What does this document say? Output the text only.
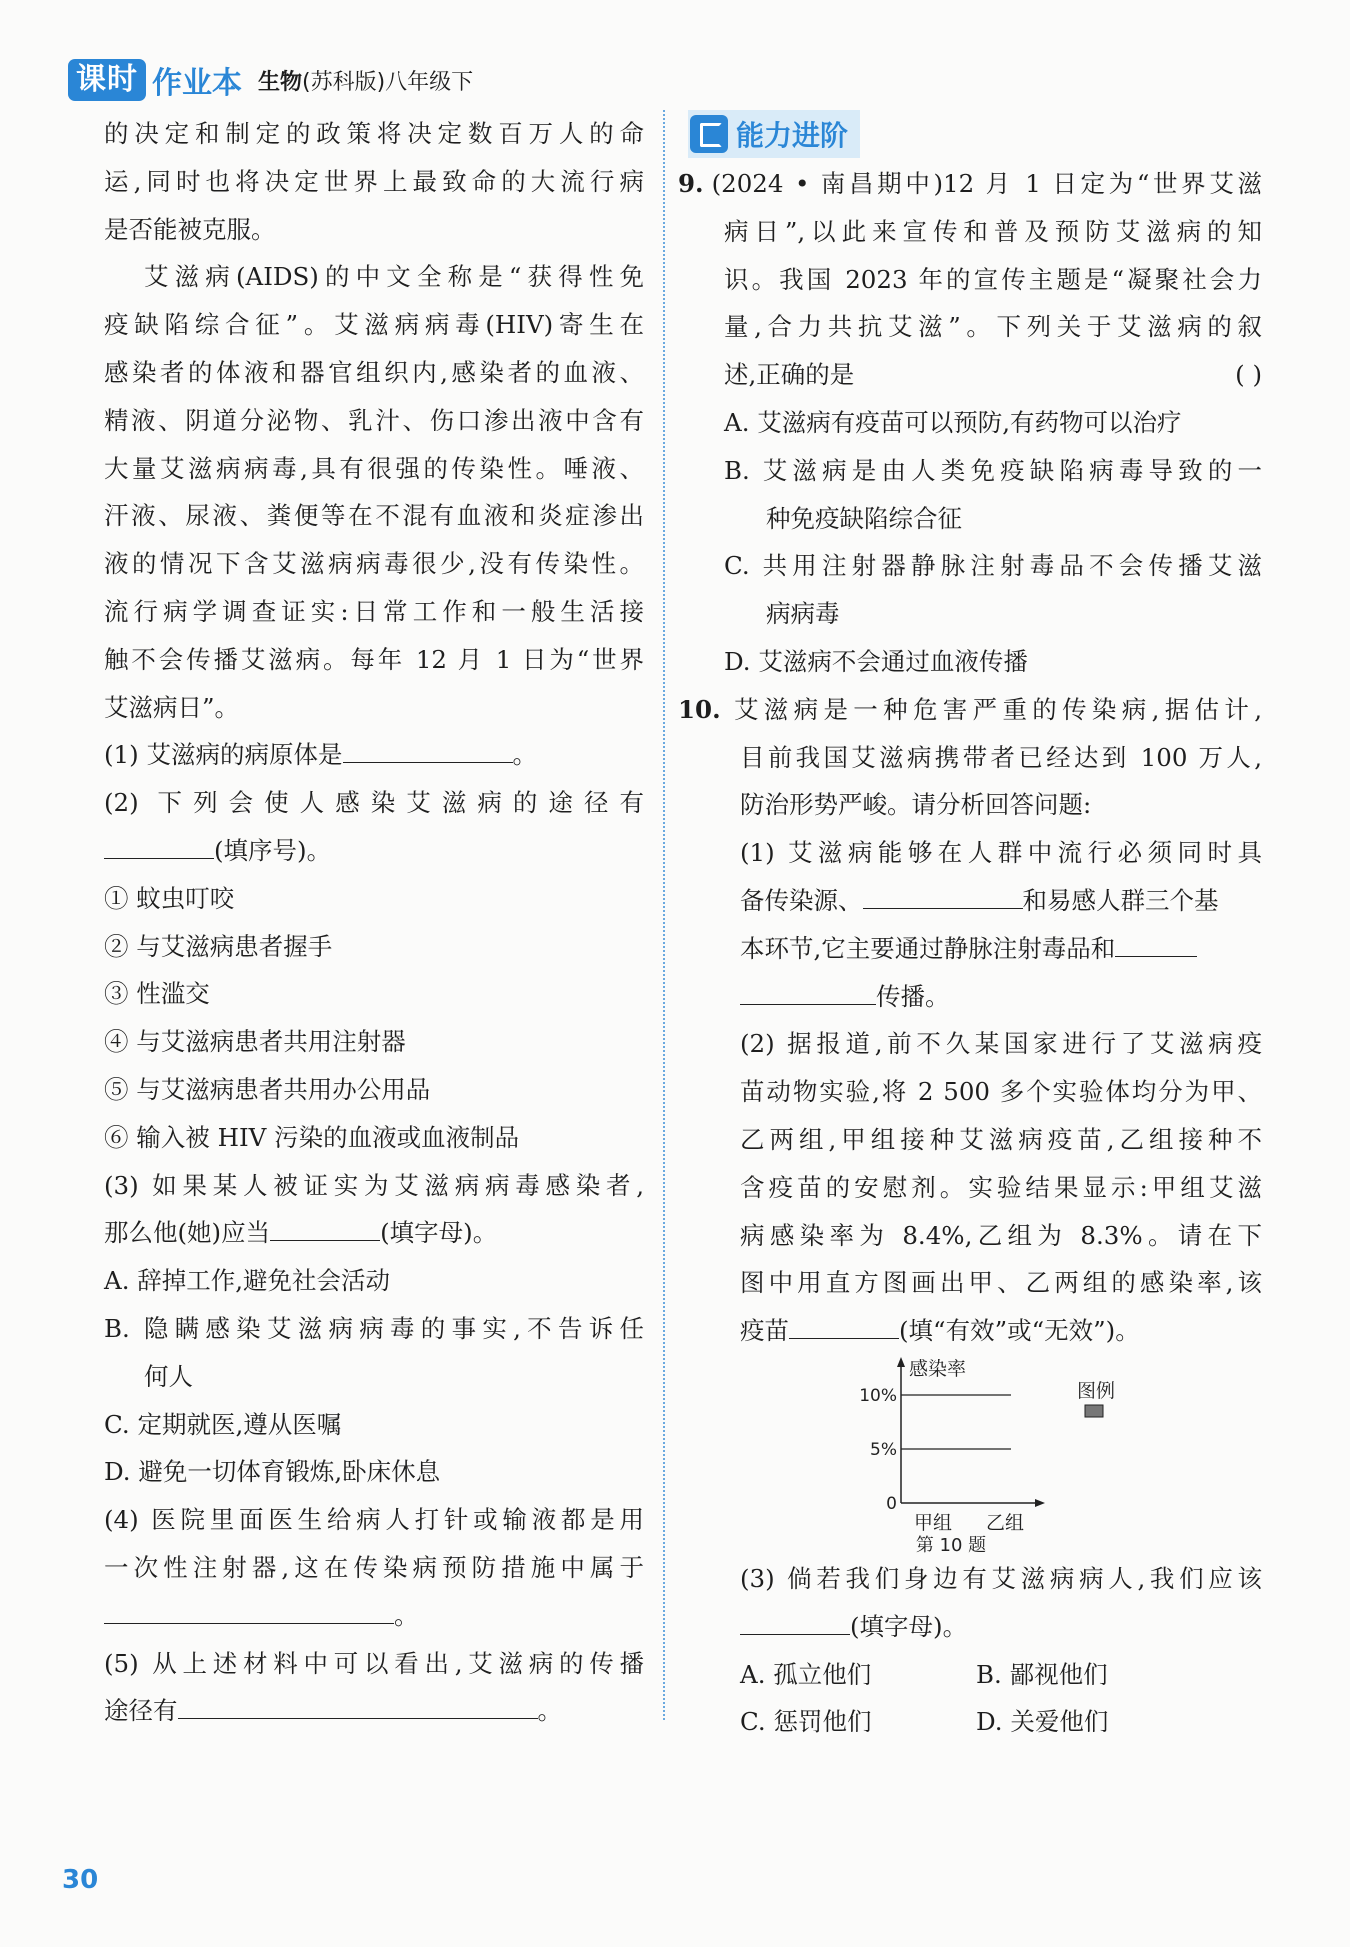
课时 作业本 生物(苏科版)八年级下
的决定和制定的政策将决定数百万人的命
运,同时也将决定世界上最致命的大流行病
是否能被克服。
艾滋病(AIDS)的中文全称是“获得性免
疫缺陷综合征”。艾滋病病毒(HIV)寄生在
感染者的体液和器官组织内,感染者的血液、
精液、阴道分泌物、乳汁、伤口渗出液中含有
大量艾滋病病毒,具有很强的传染性。唾液、
汗液、尿液、粪便等在不混有血液和炎症渗出
液的情况下含艾滋病病毒很少,没有传染性。
流行病学调查证实:日常工作和一般生活接
触不会传播艾滋病。每年 12 月 1 日为“世界
艾滋病日”。
(1) 艾滋病的病原体是	。
(2) 下列会使人感染艾滋病的途径有
(填序号)。
① 蚊虫叮咬
② 与艾滋病患者握手
③ 性滥交
④ 与艾滋病患者共用注射器
⑤ 与艾滋病患者共用办公用品
⑥ 输入被 HIV 污染的血液或血液制品
(3) 如果某人被证实为艾滋病病毒感染者,
那么他(她)应当	(填字母)。
A. 辞掉工作,避免社会活动
B. 隐瞒感染艾滋病病毒的事实,不告诉任
何人
C. 定期就医,遵从医嘱
D. 避免一切体育锻炼,卧床休息
(4) 医院里面医生给病人打针或输液都是用
一次性注射器,这在传染病预防措施中属于
。
(5) 从上述材料中可以看出,艾滋病的传播
途径有	。
能力进阶
9. (2024 • 南昌期中)12 月 1 日定为“世界艾滋
病日”,以此来宣传和普及预防艾滋病的知
识。我国 2023 年的宣传主题是“凝聚社会力
量,合力共抗艾滋”。下列关于艾滋病的叙
述,正确的是	( )
A. 艾滋病有疫苗可以预防,有药物可以治疗
B. 艾滋病是由人类免疫缺陷病毒导致的一
种免疫缺陷综合征
C. 共用注射器静脉注射毒品不会传播艾滋
病病毒
D. 艾滋病不会通过血液传播
10. 艾滋病是一种危害严重的传染病,据估计,
目前我国艾滋病携带者已经达到 100 万人,
防治形势严峻。请分析回答问题:
(1) 艾滋病能够在人群中流行必须同时具
备传染源、	和易感人群三个基
本环节,它主要通过静脉注射毒品和
传播。
(2) 据报道,前不久某国家进行了艾滋病疫
苗动物实验,将 2 500 多个实验体均分为甲、
乙两组,甲组接种艾滋病疫苗,乙组接种不
含疫苗的安慰剂。实验结果显示:甲组艾滋
病感染率为 8.4%,乙组为 8.3%。请在下
图中用直方图画出甲、乙两组的感染率,该
疫苗	(填“有效”或“无效”)。
感染率
10%
5%
0
甲组 乙组
图例
第 10 题
(3) 倘若我们身边有艾滋病病人,我们应该
(填字母)。
A. 孤立他们	B. 鄙视他们
C. 惩罚他们	D. 关爱他们
30
